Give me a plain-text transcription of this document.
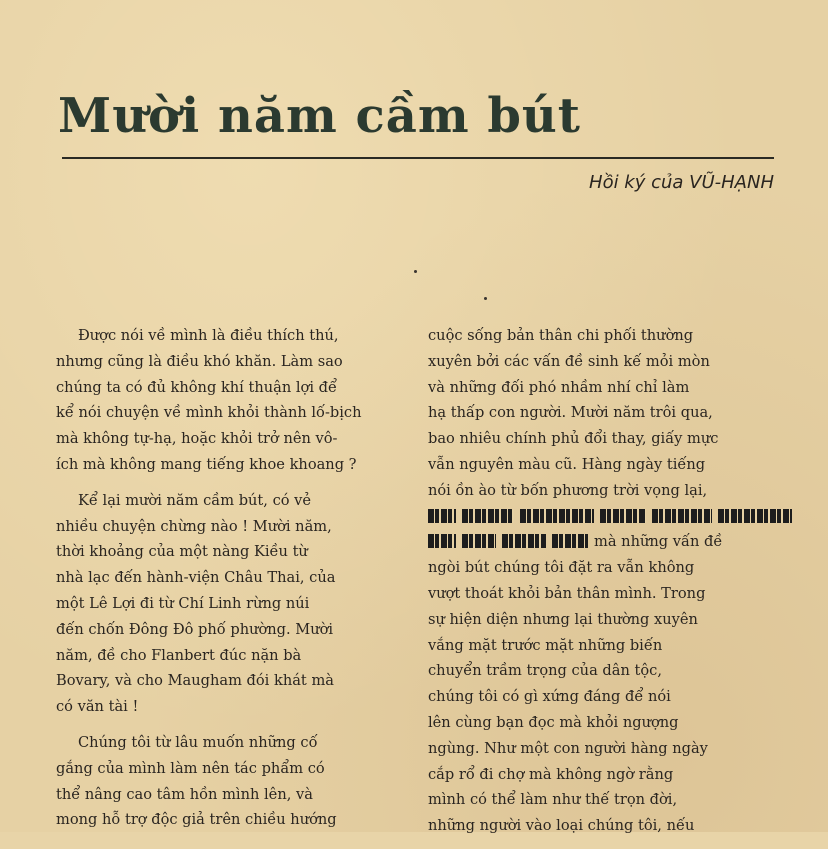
Mười năm cầm bút
Hồi ký của VŨ-HẠNH

Được nói về mình là điều thích thú,
nhưng cũng là điều khó khăn. Làm sao
chúng ta có đủ không khí thuận lợi để
kể nói chuyện về mình khỏi thành lố-bịch
mà không tự-hạ, hoặc khỏi trở nên vô-
ích mà không mang tiếng khoe khoang ?

Kể lại mười năm cầm bút, có vẻ
nhiều chuyện chừng nào ! Mười năm,
thời khoảng của một nàng Kiều từ
nhà lạc đến hành-viện Châu Thai, của
một Lê Lợi đi từ Chí Linh rừng núi
đến chốn Đông Đô phố phường. Mười
năm, đề cho Flanbert đúc nặn bà
Bovary, và cho Maugham đói khát mà
có văn tài !

Chúng tôi từ lâu muốn những cố
gắng của mình làm nên tác phẩm có
thể nâng cao tâm hồn mình lên, và
mong hỗ trợ độc giả trên chiều hướng

cuộc sống bản thân chi phối thường
xuyên bởi các vấn đề sinh kế mỏi mòn
và những đối phó nhầm nhí chỉ làm
hạ thấp con người. Mười năm trôi qua,
bao nhiêu chính phủ đổi thay, giấy mực
vẫn nguyên màu cũ. Hàng ngày tiếng
nói ồn ào từ bốn phương trời vọng lại,
mà những vấn đề
ngòi bút chúng tôi đặt ra vẫn không
vượt thoát khỏi bản thân mình. Trong
sự hiện diện nhưng lại thường xuyên
vắng mặt trước mặt những biến
chuyển trầm trọng của dân tộc,
chúng tôi có gì xứng đáng để nói
lên cùng bạn đọc mà khỏi ngượng
ngùng. Như một con người hàng ngày
cắp rổ đi chợ mà không ngờ rằng
mình có thể làm như thế trọn đời,
những người vào loại chúng tôi, nếu
